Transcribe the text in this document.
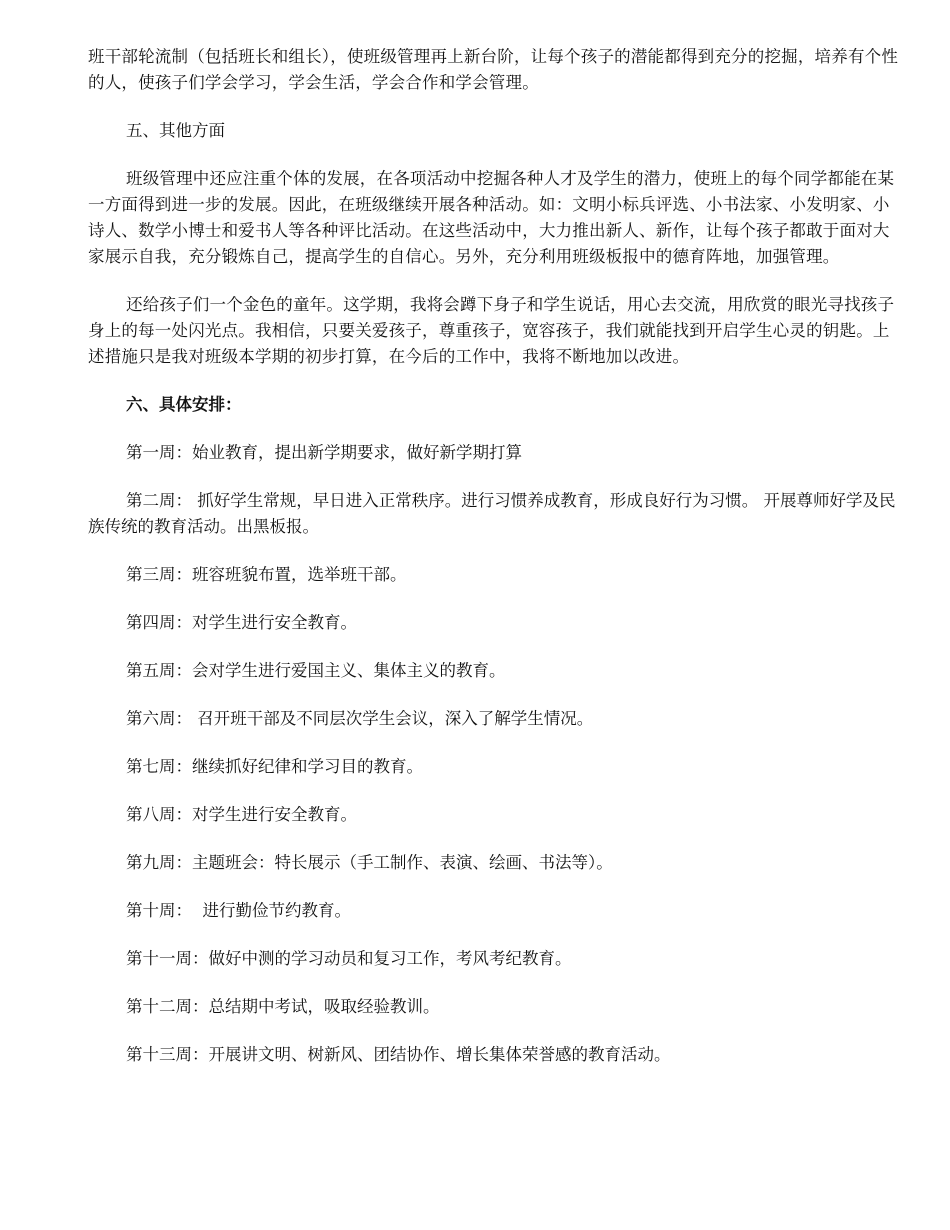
班干部轮流制（包括班长和组长），使班级管理再上新台阶，让每个孩子的潜能都得到充分的挖掘，培养有个性的人，使孩子们学会学习，学会生活，学会合作和学会管理。

五、其他方面

班级管理中还应注重个体的发展，在各项活动中挖掘各种人才及学生的潜力，使班上的每个同学都能在某一方面得到进一步的发展。因此，在班级继续开展各种活动。如：文明小标兵评选、小书法家、小发明家、小诗人、数学小博士和爱书人等各种评比活动。在这些活动中，大力推出新人、新作，让每个孩子都敢于面对大家展示自我，充分锻炼自己，提高学生的自信心。另外，充分利用班级板报中的德育阵地，加强管理。

还给孩子们一个金色的童年。这学期，我将会蹲下身子和学生说话，用心去交流，用欣赏的眼光寻找孩子身上的每一处闪光点。我相信，只要关爱孩子，尊重孩子，宽容孩子，我们就能找到开启学生心灵的钥匙。上述措施只是我对班级本学期的初步打算，在今后的工作中，我将不断地加以改进。

六、具体安排：

第一周：始业教育，提出新学期要求，做好新学期打算

第二周： 抓好学生常规，早日进入正常秩序。进行习惯养成教育，形成良好行为习惯。 开展尊师好学及民族传统的教育活动。出黑板报。

第三周：班容班貌布置，选举班干部。

第四周：对学生进行安全教育。

第五周：会对学生进行爱国主义、集体主义的教育。

第六周： 召开班干部及不同层次学生会议，深入了解学生情况。

第七周：继续抓好纪律和学习目的教育。

第八周：对学生进行安全教育。

第九周：主题班会：特长展示（手工制作、表演、绘画、书法等）。

第十周：  进行勤俭节约教育。

第十一周：做好中测的学习动员和复习工作，考风考纪教育。

第十二周：总结期中考试，吸取经验教训。

第十三周：开展讲文明、树新风、团结协作、增长集体荣誉感的教育活动。
